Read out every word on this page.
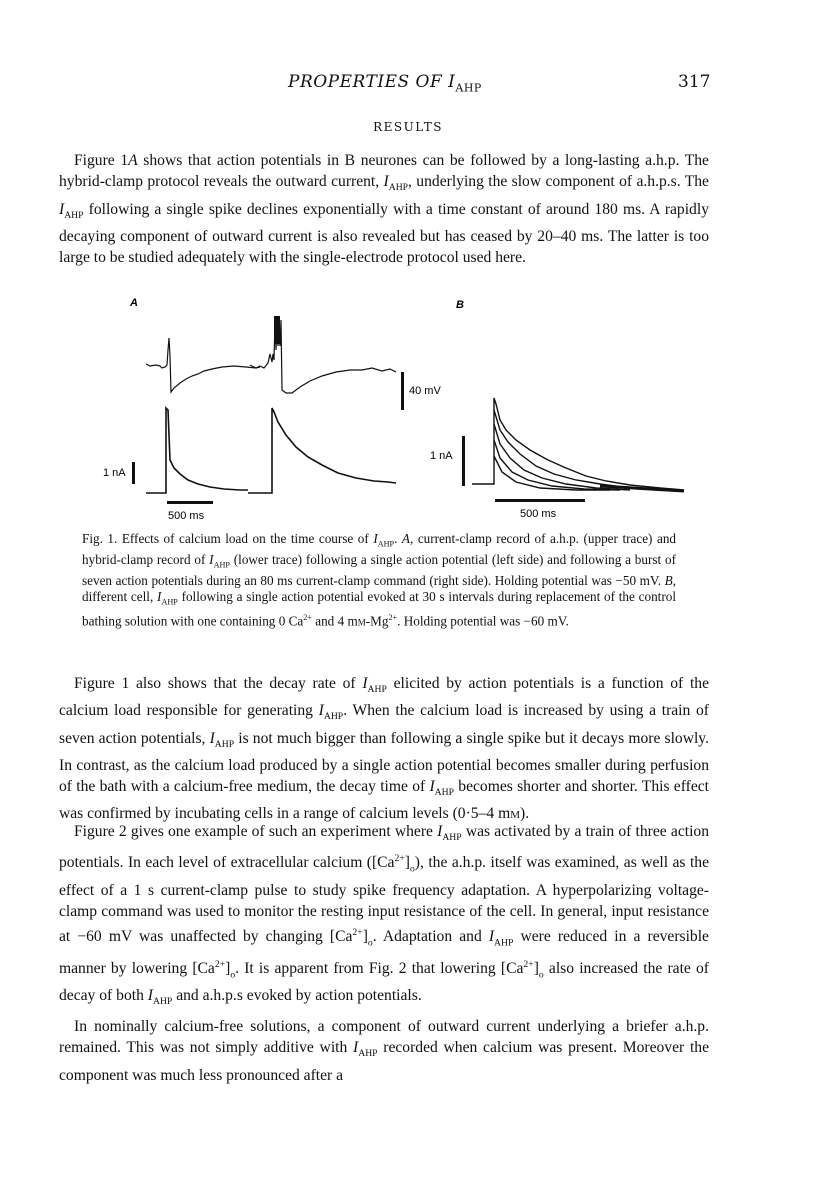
PROPERTIES OF $I_{AHP}$	317
RESULTS

Figure 1A shows that action potentials in B neurones can be followed by a long-lasting a.h.p. The hybrid-clamp protocol reveals the outward current, $I_{AHP}$, underlying the slow component of a.h.p.s. The $I_{AHP}$ following a single spike declines exponentially with a time constant of around 180 ms. A rapidly decaying component of outward current is also revealed but has ceased by 20–40 ms. The latter is too large to be studied adequately with the single-electrode protocol used here.

A	B
40 mV
1 nA
500 ms
1 nA
500 ms

Fig. 1. Effects of calcium load on the time course of $I_{AHP}$. A, current-clamp record of a.h.p. (upper trace) and hybrid-clamp record of $I_{AHP}$ (lower trace) following a single action potential (left side) and following a burst of seven action potentials during an 80 ms current-clamp command (right side). Holding potential was −50 mV. B, different cell, $I_{AHP}$ following a single action potential evoked at 30 s intervals during replacement of the control bathing solution with one containing 0 $Ca^{2+}$ and 4 $mm-Mg^{2+}$. Holding potential was −60 mV.

Figure 1 also shows that the decay rate of $I_{AHP}$ elicited by action potentials is a function of the calcium load responsible for generating $I_{AHP}$. When the calcium load is increased by using a train of seven action potentials, $I_{AHP}$ is not much bigger than following a single spike but it decays more slowly. In contrast, as the calcium load produced by a single action potential becomes smaller during perfusion of the bath with a calcium-free medium, the decay time of $I_{AHP}$ becomes shorter and shorter. This effect was confirmed by incubating cells in a range of calcium levels (0·5–4 mm).

Figure 2 gives one example of such an experiment where $I_{AHP}$ was activated by a train of three action potentials. In each level of extracellular calcium $([Ca^{2+}]_o)$, the a.h.p. itself was examined, as well as the effect of a 1 s current-clamp pulse to study spike frequency adaptation. A hyperpolarizing voltage-clamp command was used to monitor the resting input resistance of the cell. In general, input resistance at −60 mV was unaffected by changing $[Ca^{2+}]_o$. Adaptation and $I_{AHP}$ were reduced in a reversible manner by lowering $[Ca^{2+}]_o$. It is apparent from Fig. 2 that lowering $[Ca^{2+}]_o$ also increased the rate of decay of both $I_{AHP}$ and a.h.p.s evoked by action potentials.

In nominally calcium-free solutions, a component of outward current underlying a briefer a.h.p. remained. This was not simply additive with $I_{AHP}$ recorded when calcium was present. Moreover the component was much less pronounced after a
